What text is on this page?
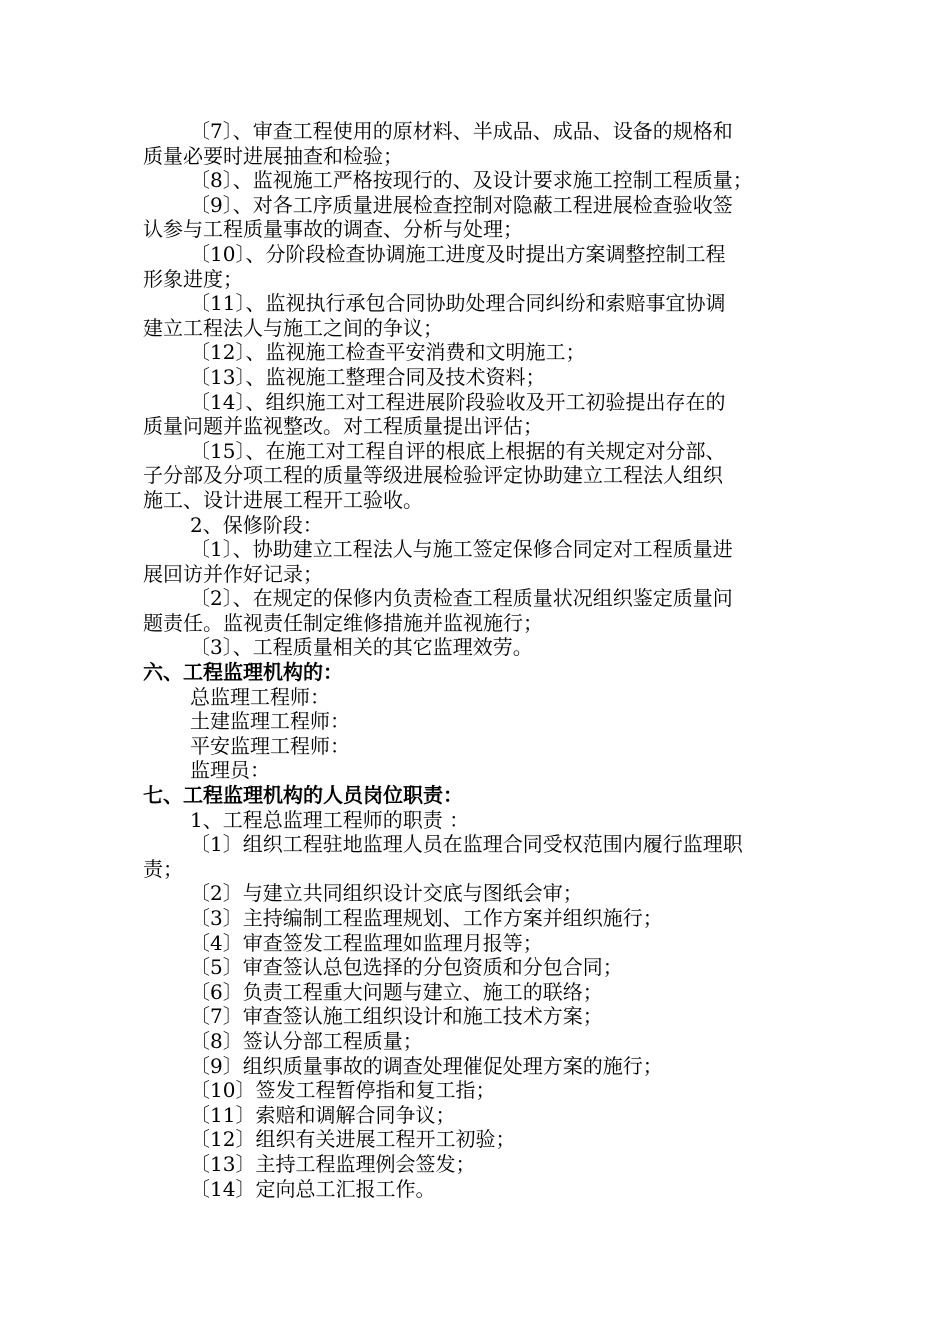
〔7〕、审查工程使用的原材料、半成品、成品、设备的规格和
质量必要时进展抽查和检验；
〔8〕、监视施工严格按现行的、及设计要求施工控制工程质量；
〔9〕、对各工序质量进展检查控制对隐蔽工程进展检查验收签
认参与工程质量事故的调查、分析与处理；
〔10〕、分阶段检查协调施工进度及时提出方案调整控制工程
形象进度；
〔11〕、监视执行承包合同协助处理合同纠纷和索赔事宜协调
建立工程法人与施工之间的争议；
〔12〕、监视施工检查平安消费和文明施工；
〔13〕、监视施工整理合同及技术资料；
〔14〕、组织施工对工程进展阶段验收及开工初验提出存在的
质量问题并监视整改。对工程质量提出评估；
〔15〕、在施工对工程自评的根底上根据的有关规定对分部、
子分部及分项工程的质量等级进展检验评定协助建立工程法人组织
施工、设计进展工程开工验收。
2、保修阶段：
〔1〕、协助建立工程法人与施工签定保修合同定对工程质量进
展回访并作好记录；
〔2〕、在规定的保修内负责检查工程质量状况组织鉴定质量问
题责任。监视责任制定维修措施并监视施行；
〔3〕、工程质量相关的其它监理效劳。
六、工程监理机构的：
总监理工程师：
土建监理工程师：
平安监理工程师：
监理员：
七、工程监理机构的人员岗位职责：
1、工程总监理工程师的职责 ：
〔1〕组织工程驻地监理人员在监理合同受权范围内履行监理职
责；
〔2〕与建立共同组织设计交底与图纸会审；
〔3〕主持编制工程监理规划、工作方案并组织施行；
〔4〕审查签发工程监理如监理月报等；
〔5〕审查签认总包选择的分包资质和分包合同；
〔6〕负责工程重大问题与建立、施工的联络；
〔7〕审查签认施工组织设计和施工技术方案；
〔8〕签认分部工程质量；
〔9〕组织质量事故的调查处理催促处理方案的施行；
〔10〕签发工程暂停指和复工指；
〔11〕索赔和调解合同争议；
〔12〕组织有关进展工程开工初验；
〔13〕主持工程监理例会签发；
〔14〕定向总工汇报工作。
